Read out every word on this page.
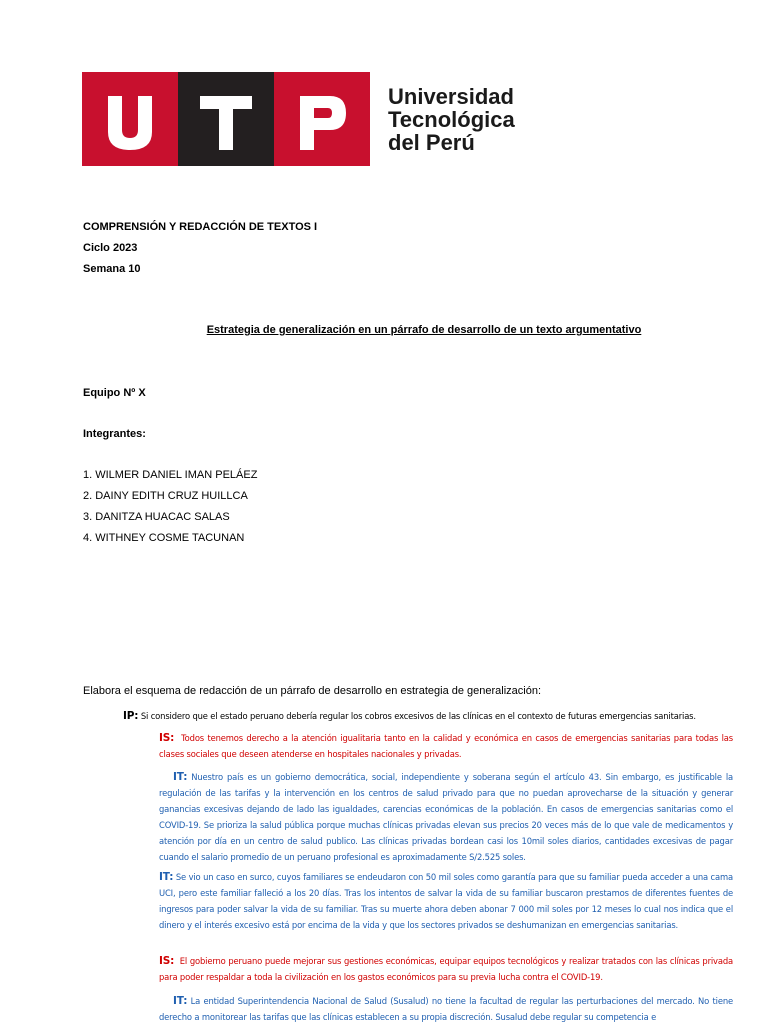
Universidad
Tecnológica
del Perú
COMPRENSIÓN Y REDACCIÓN DE TEXTOS I
Ciclo 2023
Semana 10
Estrategia de generalización en un párrafo de desarrollo de un texto argumentativo
Equipo Nº X
Integrantes:
1. WILMER DANIEL IMAN PELÁEZ
2. DAINY EDITH CRUZ HUILLCA
3. DANITZA HUACAC SALAS
4. WITHNEY COSME TACUNAN
Elabora el esquema de redacción de un párrafo de desarrollo en estrategia de generalización:
IP: Si considero que el estado peruano debería regular los cobros excesivos de las clínicas en el contexto de futuras emergencias sanitarias.

IS: Todos tenemos derecho a la atención igualitaria tanto en la calidad y económica en casos de emergencias sanitarias para todas las clases sociales que deseen atenderse en hospitales nacionales y privadas.

IT: Nuestro país es un gobierno democrática, social, independiente y soberana según el artículo 43. Sin embargo, es justificable la regulación de las tarifas y la intervención en los centros de salud privado para que no puedan aprovecharse de la situación y generar ganancias excesivas dejando de lado las igualdades, carencias económicas de la población. En casos de emergencias sanitarias como el COVID-19. Se prioriza la salud pública porque muchas clínicas privadas elevan sus precios 20 veces más de lo que vale de medicamentos y atención por día en un centro de salud publico. Las clínicas privadas bordean casi los 10mil soles diarios, cantidades excesivas de pagar cuando el salario promedio de un peruano profesional es aproximadamente S/2.525 soles.

IT: Se vio un caso en surco, cuyos familiares se endeudaron con 50 mil soles como garantía para que su familiar pueda acceder a una cama UCI, pero este familiar falleció a los 20 días. Tras los intentos de salvar la vida de su familiar buscaron prestamos de diferentes fuentes de ingresos para poder salvar la vida de su familiar. Tras su muerte ahora deben abonar 7 000 mil soles por 12 meses lo cual nos indica que el dinero y el interés excesivo está por encima de la vida y que los sectores privados se deshumanizan en emergencias sanitarias.

IS: El gobierno peruano puede mejorar sus gestiones económicas, equipar equipos tecnológicos y realizar tratados con las clínicas privada para poder respaldar a toda la civilización en los gastos económicos para su previa lucha contra el COVID-19.

IT: La entidad Superintendencia Nacional de Salud (Susalud) no tiene la facultad de regular las perturbaciones del mercado. No tiene derecho a monitorear las tarifas que las clínicas establecen a su propia discreción. Susalud debe regular su competencia e
